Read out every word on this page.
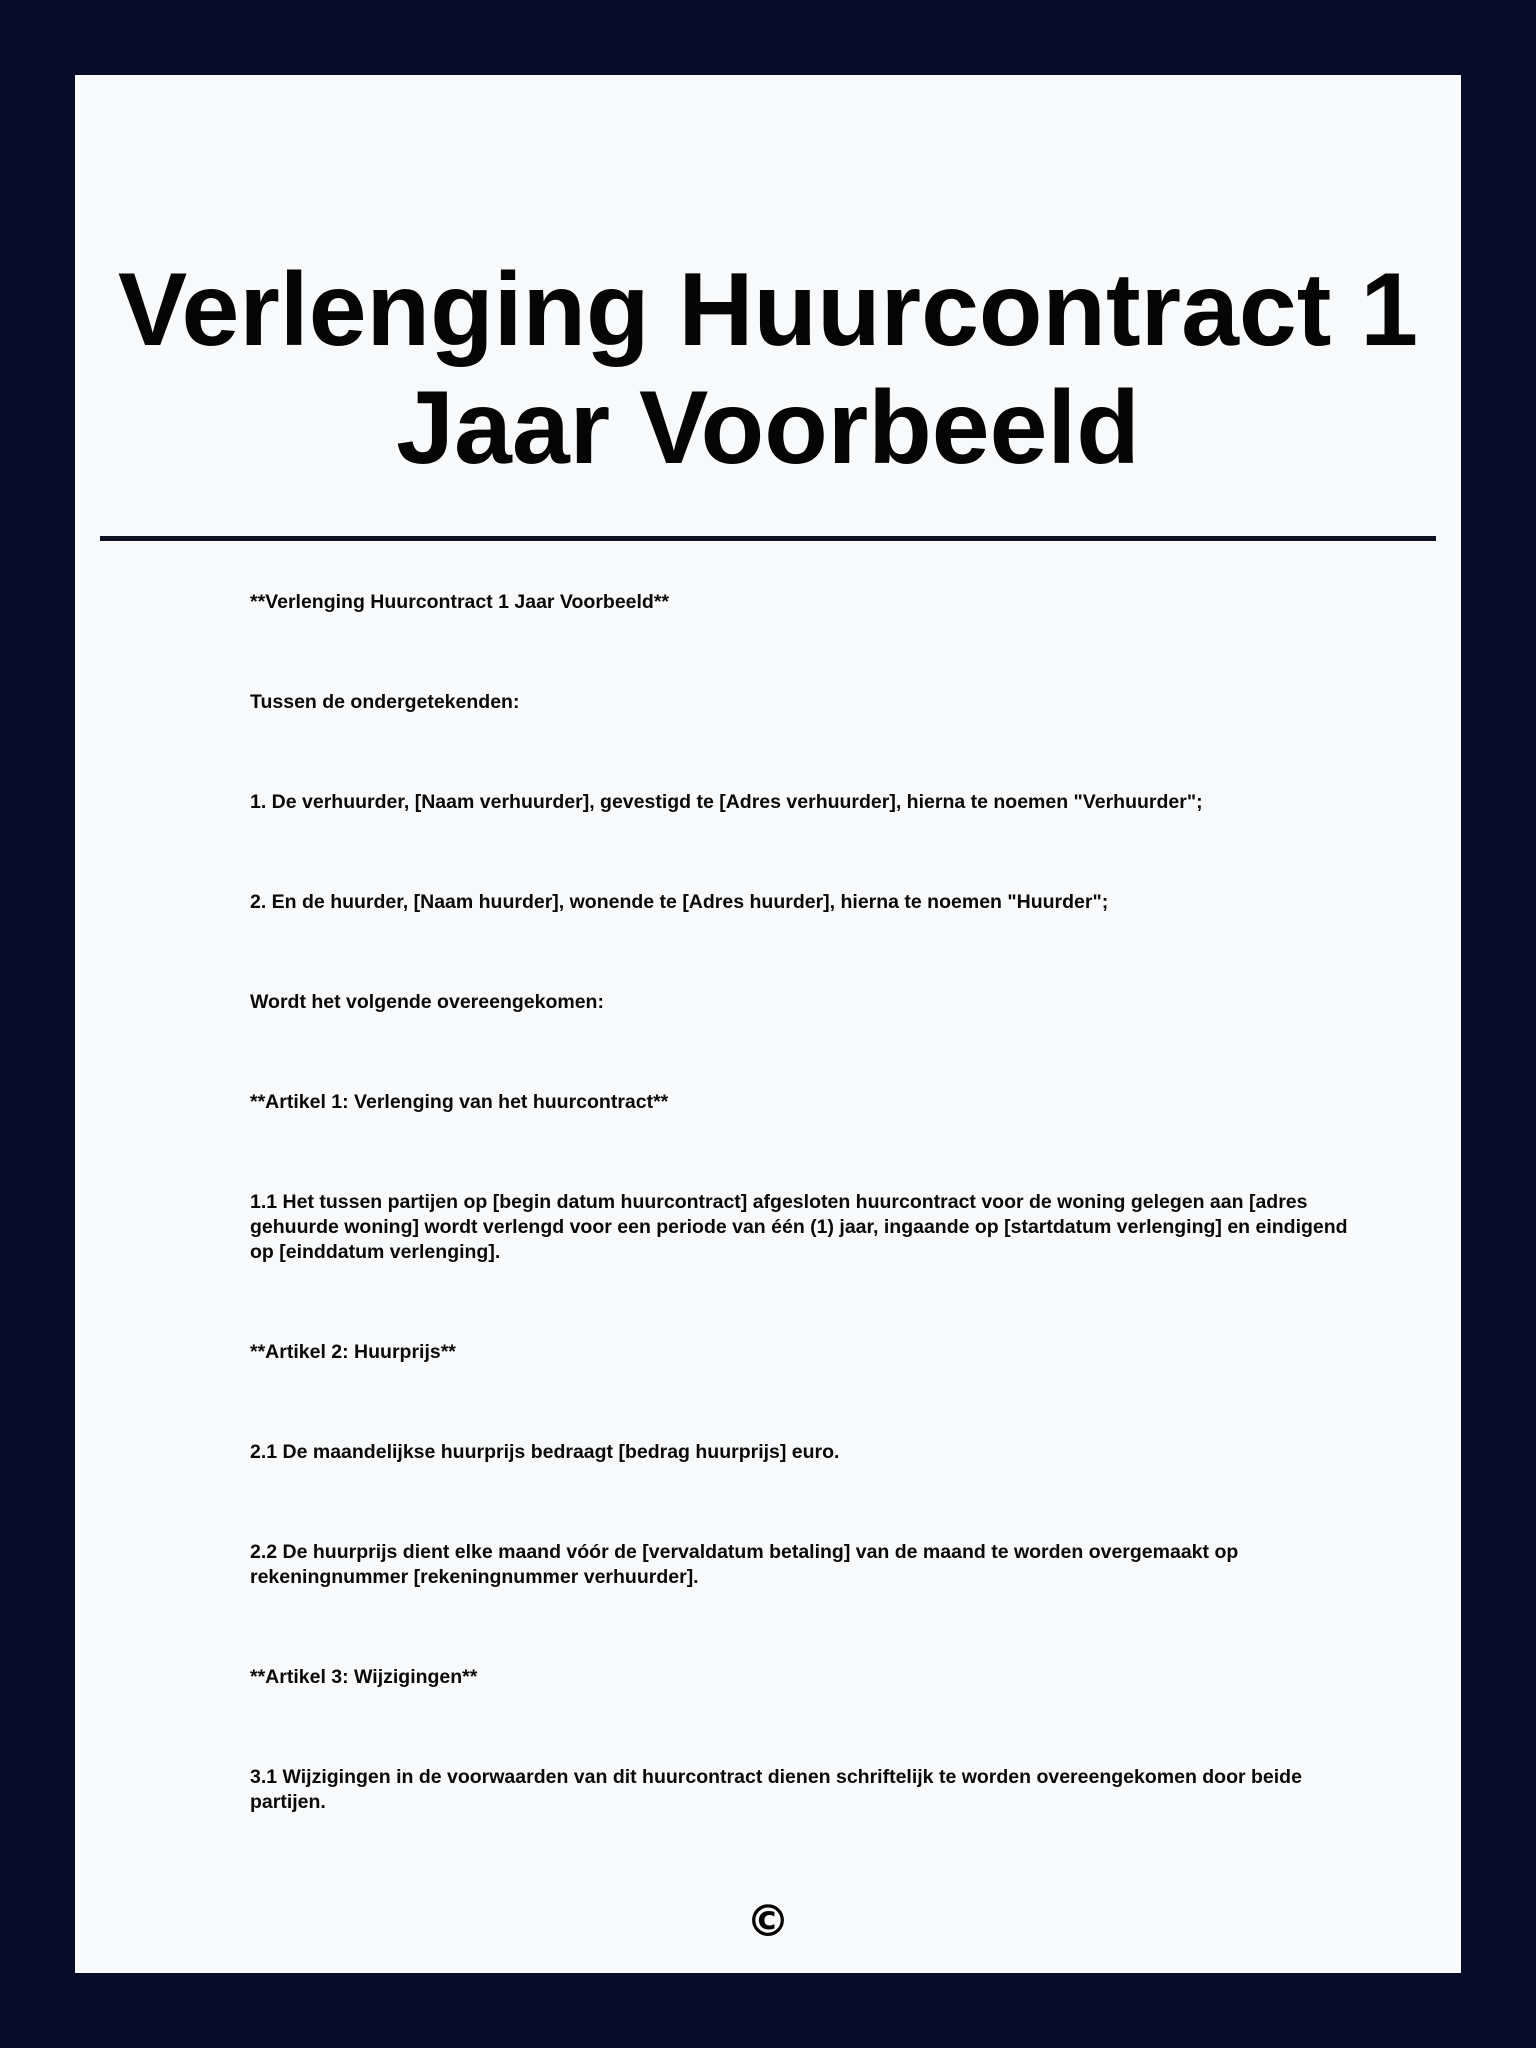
Verlenging Huurcontract 1 Jaar Voorbeeld

**Verlenging Huurcontract 1 Jaar Voorbeeld**

Tussen de ondergetekenden:

1. De verhuurder, [Naam verhuurder], gevestigd te [Adres verhuurder], hierna te noemen "Verhuurder";

2. En de huurder, [Naam huurder], wonende te [Adres huurder], hierna te noemen "Huurder";

Wordt het volgende overeengekomen:

**Artikel 1: Verlenging van het huurcontract**

1.1 Het tussen partijen op [begin datum huurcontract] afgesloten huurcontract voor de woning gelegen aan [adres gehuurde woning] wordt verlengd voor een periode van één (1) jaar, ingaande op [startdatum verlenging] en eindigend op [einddatum verlenging].

**Artikel 2: Huurprijs**

2.1 De maandelijkse huurprijs bedraagt [bedrag huurprijs] euro.

2.2 De huurprijs dient elke maand vóór de [vervaldatum betaling] van de maand te worden overgemaakt op rekeningnummer [rekeningnummer verhuurder].

**Artikel 3: Wijzigingen**

3.1 Wijzigingen in de voorwaarden van dit huurcontract dienen schriftelijk te worden overeengekomen door beide partijen.

©
